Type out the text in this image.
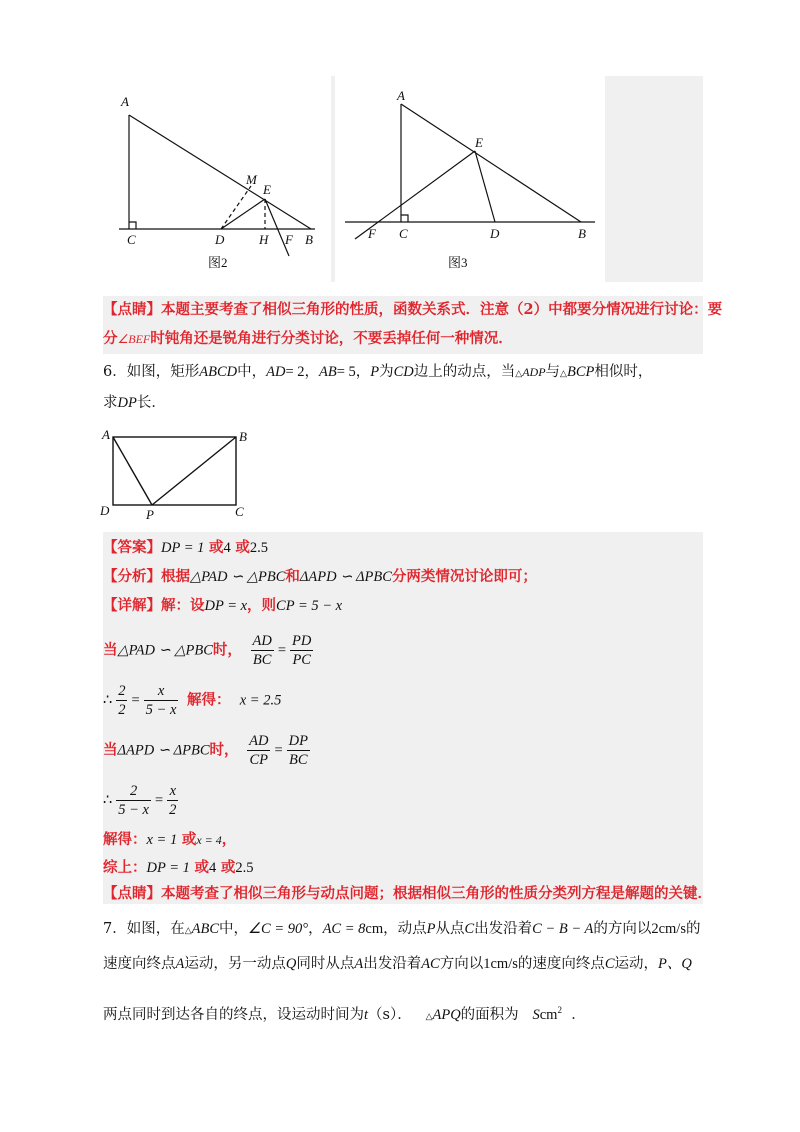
A
M
E
C	D	H F B
图2
A
E
F C	D	B
图3
【点睛】本题主要考查了相似三角形的性质，函数关系式．注意（2）中都要分情况进行讨论：要
分∠BEF时钝角还是锐角进行分类讨论，不要丢掉任何一种情况．
6．如图，矩形ABCD中，AD= 2，AB= 5，P为CD边上的动点，当△ADP与△BCP相似时，
求DP长．
A	B
D	P	C
【答案】DP = 1 或4 或2.5
【分析】根据△PAD ∽ △PBC和ΔAPD ∽ ΔPBC分两类情况讨论即可；
【详解】解：设DP = x，则CP = 5 − x
当△PAD ∽ △PBC时， $\frac{AD}{BC} = \frac{PD}{PC}$
∴ $\frac{2}{2} = \frac{x}{5 - x}$ 解得： x = 2.5
当ΔAPD ∽ ΔPBC时， $\frac{AD}{CP} = \frac{DP}{BC}$
∴ $\frac{2}{5 - x} = \frac{x}{2}$
解得：x = 1 或x = 4，
综上：DP = 1 或4 或2.5
【点睛】本题考查了相似三角形与动点问题；根据相似三角形的性质分类列方程是解题的关键．
7．如图，在△ABC中，∠C = 90°，AC = 8cm，动点P从点C出发沿着C − B − A的方向以2cm/s的
速度向终点A运动，另一动点Q同时从点A出发沿着AC方向以1cm/s的速度向终点C运动，P、Q
两点同时到达各自的终点，设运动时间为t（s）． △APQ的面积为 Scm$^2$ ．
